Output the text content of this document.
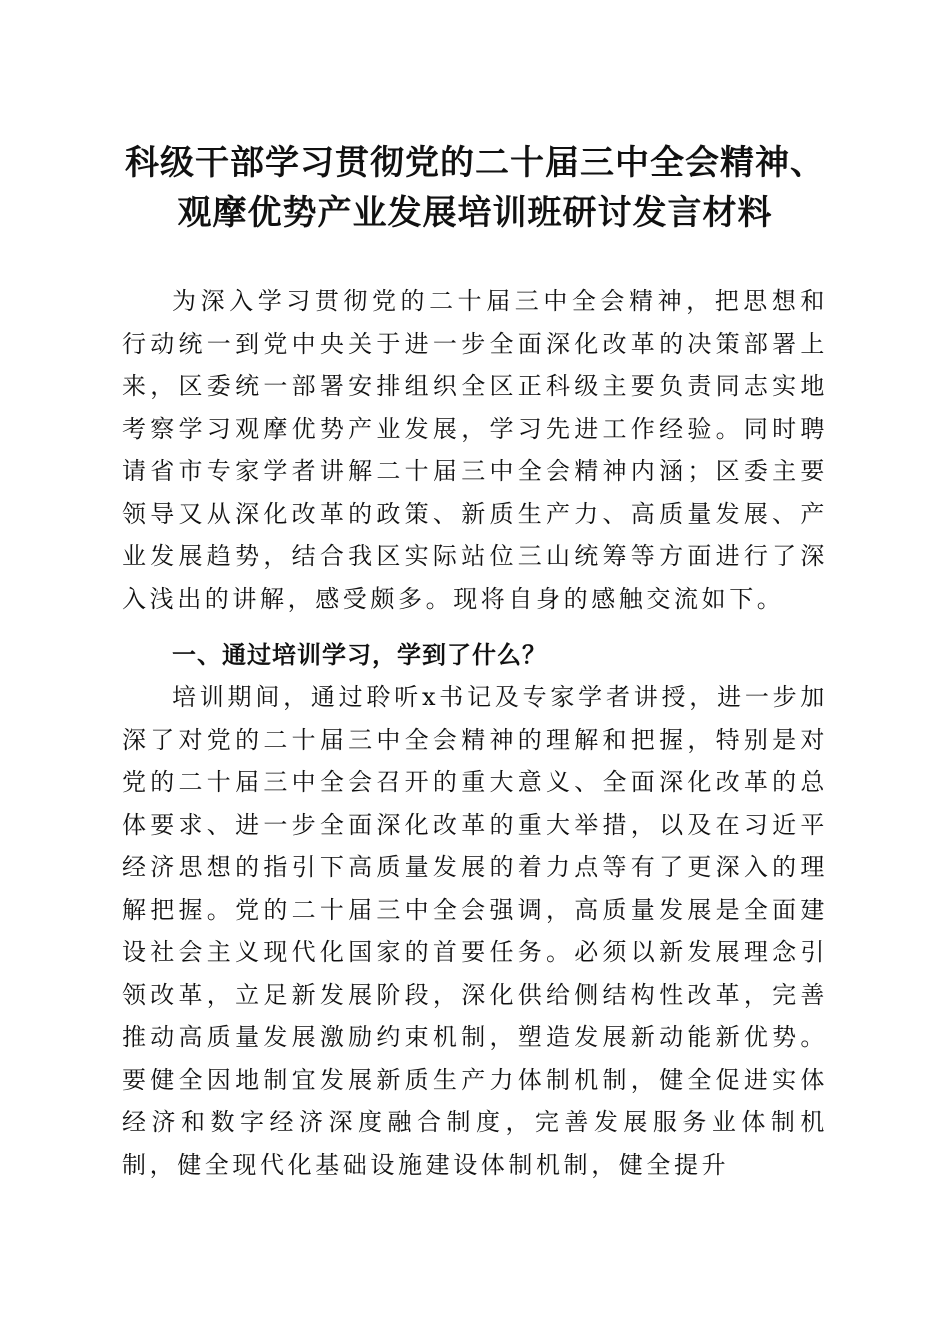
科级干部学习贯彻党的二十届三中全会精神、
观摩优势产业发展培训班研讨发言材料

为深入学习贯彻党的二十届三中全会精神，把思想和行动统一到党中央关于进一步全面深化改革的决策部署上来，区委统一部署安排组织全区正科级主要负责同志实地考察学习观摩优势产业发展，学习先进工作经验。同时聘请省市专家学者讲解二十届三中全会精神内涵；区委主要领导又从深化改革的政策、新质生产力、高质量发展、产业发展趋势，结合我区实际站位三山统筹等方面进行了深入浅出的讲解，感受颇多。现将自身的感触交流如下。

一、通过培训学习，学到了什么？

培训期间，通过聆听x书记及专家学者讲授，进一步加深了对党的二十届三中全会精神的理解和把握，特别是对党的二十届三中全会召开的重大意义、全面深化改革的总体要求、进一步全面深化改革的重大举措，以及在习近平经济思想的指引下高质量发展的着力点等有了更深入的理解把握。党的二十届三中全会强调，高质量发展是全面建设社会主义现代化国家的首要任务。必须以新发展理念引领改革，立足新发展阶段，深化供给侧结构性改革，完善推动高质量发展激励约束机制，塑造发展新动能新优势。要健全因地制宜发展新质生产力体制机制，健全促进实体经济和数字经济深度融合制度，完善发展服务业体制机制，健全现代化基础设施建设体制机制，健全提升
